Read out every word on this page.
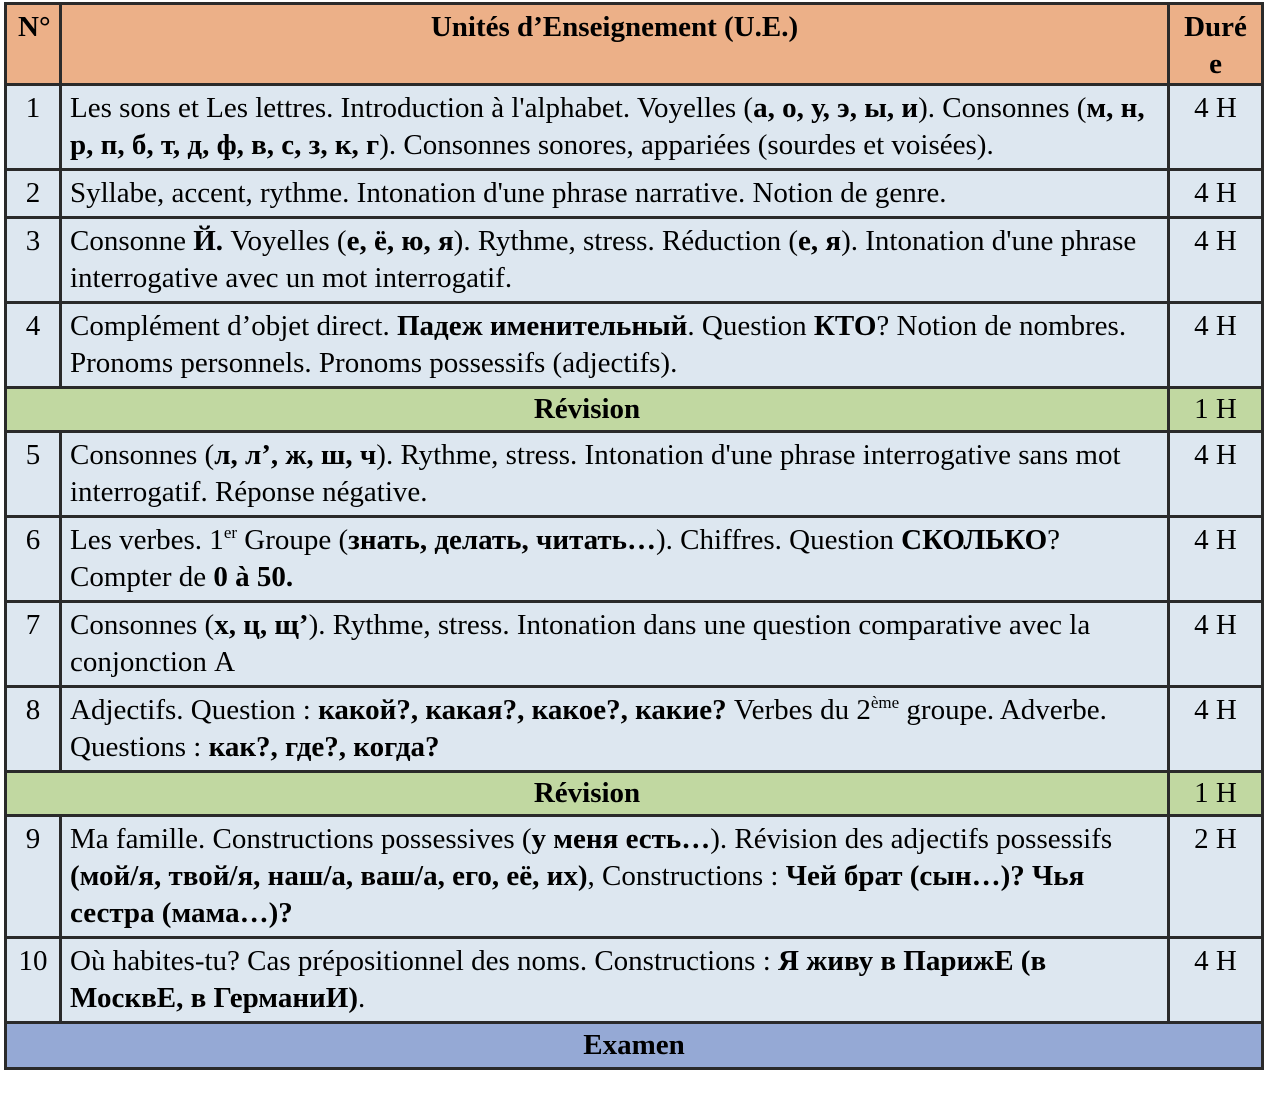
N°	Unités d’Enseignement (U.E.)	Durée

1	Les sons et Les lettres. Introduction à l'alphabet. Voyelles (а, о, у, э, ы, и). Consonnes (м, н, р, п, б, т, д, ф, в, с, з, к, г). Consonnes sonores, appariées (sourdes et voisées).	4 H
2	Syllabe, accent, rythme. Intonation d'une phrase narrative. Notion de genre.	4 H
3	Consonne Й. Voyelles (е, ё, ю, я). Rythme, stress. Réduction (е, я). Intonation d'une phrase interrogative avec un mot interrogatif.	4 H
4	Complément d’objet direct. Падеж именительный. Question КТО? Notion de nombres. Pronoms personnels. Pronoms possessifs (adjectifs).	4 H
Révision		1 H
5	Consonnes (л, л’, ж, ш, ч). Rythme, stress. Intonation d'une phrase interrogative sans mot interrogatif. Réponse négative.	4 H
6	Les verbes. 1er Groupe (знать, делать, читать…). Chiffres. Question СКОЛЬКО? Compter de 0 à 50.	4 H
7	Consonnes (х, ц, щ’). Rythme, stress. Intonation dans une question comparative avec la conjonction А	4 H
8	Adjectifs. Question : какой?, какая?, какое?, какие? Verbes du 2ème groupe. Adverbe. Questions : как?, где?, когда?	4 H
Révision		1 H
9	Ma famille. Constructions possessives (у меня есть…). Révision des adjectifs possessifs (мой/я, твой/я, наш/а, ваш/а, его, её, их), Constructions : Чей брат (сын…)? Чья сестра (мама…)?	2 H
10	Où habites-tu? Cas prépositionnel des noms. Constructions : Я живу в ПарижЕ (в МосквЕ, в ГерманиИ).	4 H
Examen		
